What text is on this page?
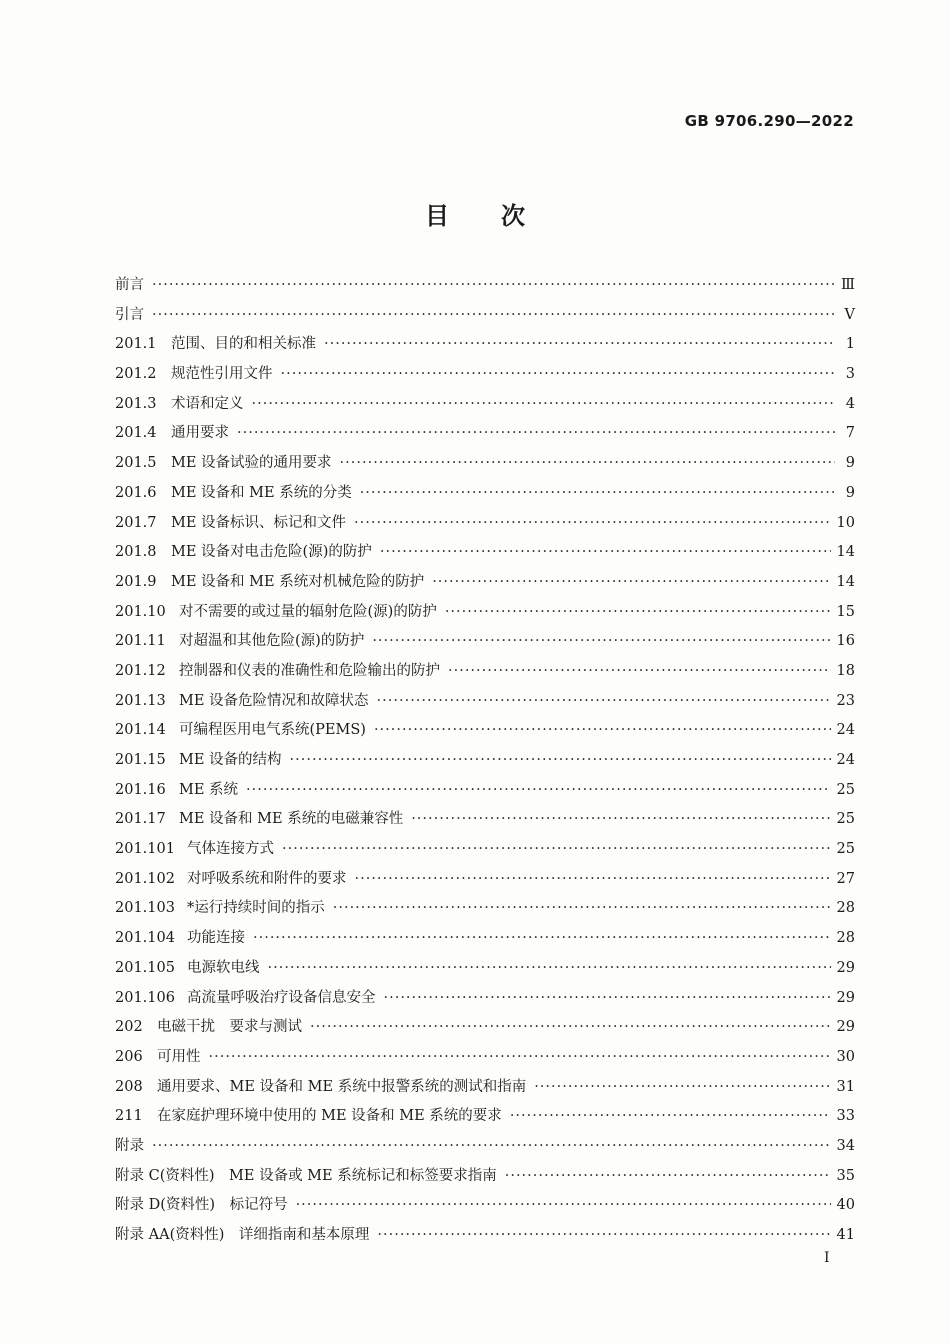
GB 9706.290—2022
目次
前言 ·····	Ⅲ
引言 ·····	Ⅴ
201.1 范围、目的和相关标准 ·····	1
201.2 规范性引用文件 ·····	3
201.3 术语和定义 ·····	4
201.4 通用要求 ·····	7
201.5 ME 设备试验的通用要求 ·····	9
201.6 ME 设备和 ME 系统的分类 ·····	9
201.7 ME 设备标识、标记和文件 ·····	10
201.8 ME 设备对电击危险(源)的防护 ·····	14
201.9 ME 设备和 ME 系统对机械危险的防护 ·····	14
201.10 对不需要的或过量的辐射危险(源)的防护 ·····	15
201.11 对超温和其他危险(源)的防护 ·····	16
201.12 控制器和仪表的准确性和危险输出的防护 ·····	18
201.13 ME 设备危险情况和故障状态 ·····	23
201.14 可编程医用电气系统(PEMS) ·····	24
201.15 ME 设备的结构 ·····	24
201.16 ME 系统 ·····	25
201.17 ME 设备和 ME 系统的电磁兼容性 ·····	25
201.101 气体连接方式 ·····	25
201.102 对呼吸系统和附件的要求 ·····	27
201.103 *运行持续时间的指示 ·····	28
201.104 功能连接 ·····	28
201.105 电源软电线 ·····	29
201.106 高流量呼吸治疗设备信息安全 ·····	29
202 电磁干扰　要求与测试 ·····	29
206 可用性 ·····	30
208 通用要求、ME 设备和 ME 系统中报警系统的测试和指南 ·····	31
211 在家庭护理环境中使用的 ME 设备和 ME 系统的要求 ·····	33
附录 ·····	34
附录 C (资料性)　ME 设备或 ME 系统标记和标签要求指南 ·····	35
附录 D (资料性)　标记符号 ·····	40
附录 AA (资料性)　详细指南和基本原理 ·····	41
Ⅰ
